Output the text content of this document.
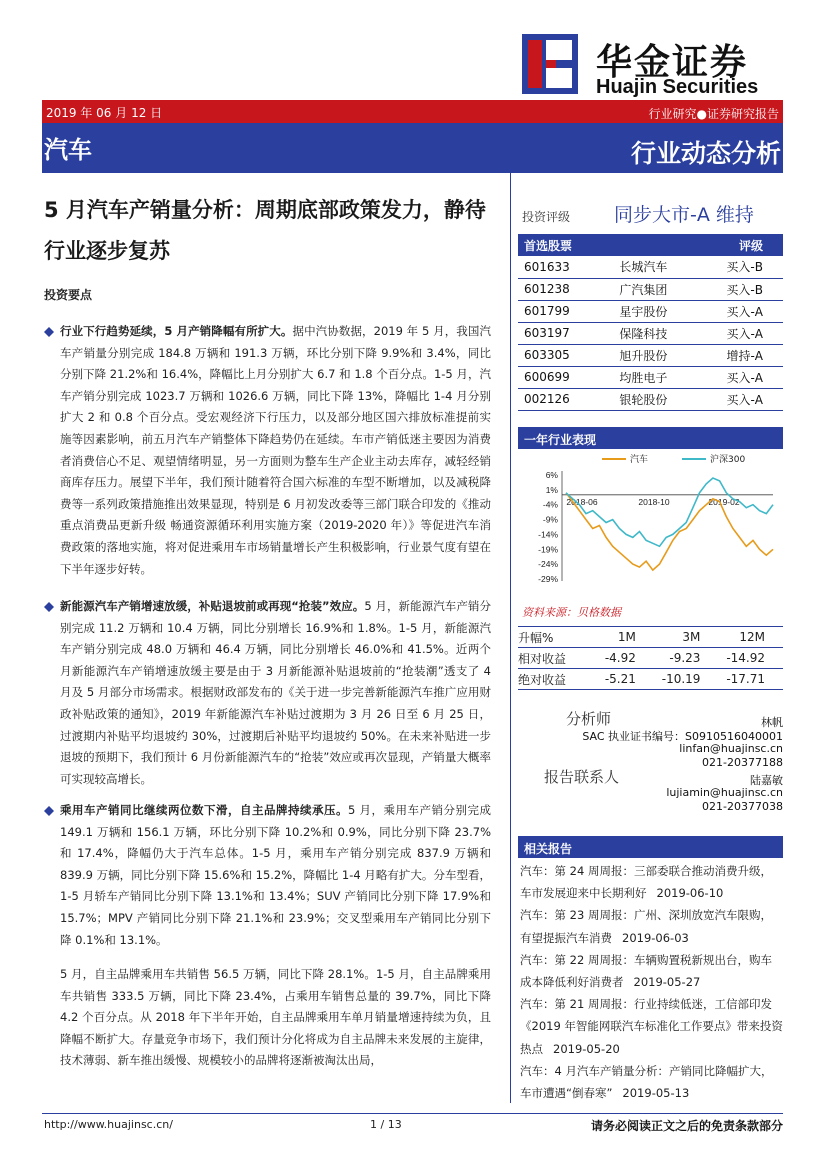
华金证券
Huajin Securities
2019 年 06 月 12 日	行业研究●证券研究报告
汽车	行业动态分析
5 月汽车产销量分析：周期底部政策发力，静待行业逐步复苏
投资要点
行业下行趋势延续，5 月产销降幅有所扩大。据中汽协数据，2019 年 5 月，我国汽车产销量分别完成 184.8 万辆和 191.3 万辆，环比分别下降 9.9%和 3.4%，同比分别下降 21.2%和 16.4%，降幅比上月分别扩大 6.7 和 1.8 个百分点。1-5 月，汽车产销分别完成 1023.7 万辆和 1026.6 万辆，同比下降 13%，降幅比 1-4 月分别扩大 2 和 0.8 个百分点。受宏观经济下行压力，以及部分地区国六排放标准提前实施等因素影响，前五月汽车产销整体下降趋势仍在延续。车市产销低迷主要因为消费者消费信心不足、观望情绪明显，另一方面则为整车生产企业主动去库存，减轻经销商库存压力。展望下半年，我们预计随着符合国六标准的车型不断增加，以及减税降费等一系列政策措施推出效果显现，特别是 6 月初发改委等三部门联合印发的《推动重点消费品更新升级 畅通资源循环利用实施方案（2019-2020 年）》等促进汽车消费政策的落地实施，将对促进乘用车市场销量增长产生积极影响，行业景气度有望在下半年逐步好转。
新能源汽车产销增速放缓，补贴退坡前或再现“抢装”效应。5 月，新能源汽车产销分别完成 11.2 万辆和 10.4 万辆，同比分别增长 16.9%和 1.8%。1-5 月，新能源汽车产销分别完成 48.0 万辆和 46.4 万辆，同比分别增长 46.0%和 41.5%。近两个月新能源汽车产销增速放缓主要是由于 3 月新能源补贴退坡前的“抢装潮”透支了 4 月及 5 月部分市场需求。根据财政部发布的《关于进一步完善新能源汽车推广应用财政补贴政策的通知》，2019 年新能源汽车补贴过渡期为 3 月 26 日至 6 月 25 日，过渡期内补贴平均退坡约 30%，过渡期后补贴平均退坡约 50%。在未来补贴进一步退坡的预期下，我们预计 6 月份新能源汽车的“抢装”效应或再次显现，产销量大概率可实现较高增长。
乘用车产销同比继续两位数下滑，自主品牌持续承压。5 月，乘用车产销分别完成 149.1 万辆和 156.1 万辆，环比分别下降 10.2%和 0.9%，同比分别下降 23.7%和 17.4%，降幅仍大于汽车总体。1-5 月，乘用车产销分别完成 837.9 万辆和 839.9 万辆，同比分别下降 15.6%和 15.2%，降幅比 1-4 月略有扩大。分车型看，1-5 月轿车产销同比分别下降 13.1%和 13.4%；SUV 产销同比分别下降 17.9%和 15.7%；MPV 产销同比分别下降 21.1%和 23.9%；交叉型乘用车产销同比分别下降 0.1%和 13.1%。
5 月，自主品牌乘用车共销售 56.5 万辆，同比下降 28.1%。1-5 月，自主品牌乘用车共销售 333.5 万辆，同比下降 23.4%，占乘用车销售总量的 39.7%，同比下降 4.2 个百分点。从 2018 年下半年开始，自主品牌乘用车单月销量增速持续为负，且降幅不断扩大。存量竞争市场下，我们预计分化将成为自主品牌未来发展的主旋律，技术薄弱、新车推出缓慢、规模较小的品牌将逐渐被淘汰出局，
投资评级 同步大市-A 维持
首选股票		评级
601633	长城汽车	买入-B
601238	广汽集团	买入-B
601799	星宇股份	买入-A
603197	保隆科技	买入-A
603305	旭升股份	增持-A
600699	均胜电子	买入-A
002126	银轮股份	买入-A
一年行业表现
6%
1%
-4%
-9%
-14%
-19%
-24%
-29%
2018-06	2018-10	2019-02
汽车	沪深300
资料来源：贝格数据
升幅%	1M	3M	12M
相对收益	-4.92	-9.23	-14.92
绝对收益	-5.21	-10.19	-17.71
分析师	林帆
SAC 执业证书编号：S0910516040001
linfan@huajinsc.cn
021-20377188
报告联系人	陆嘉敏
lujiamin@huajinsc.cn
021-20377038
相关报告
汽车：第 24 周周报：三部委联合推动消费升级，车市发展迎来中长期利好 2019-06-10
汽车：第 23 周周报：广州、深圳放宽汽车限购，有望提振汽车消费 2019-06-03
汽车：第 22 周周报：车辆购置税新规出台，购车成本降低利好消费者 2019-05-27
汽车：第 21 周周报：行业持续低迷，工信部印发《2019 年智能网联汽车标准化工作要点》带来投资热点 2019-05-20
汽车：4 月汽车产销量分析：产销同比降幅扩大，车市遭遇“倒春寒” 2019-05-13
http://www.huajinsc.cn/	1 / 13	请务必阅读正文之后的免责条款部分
